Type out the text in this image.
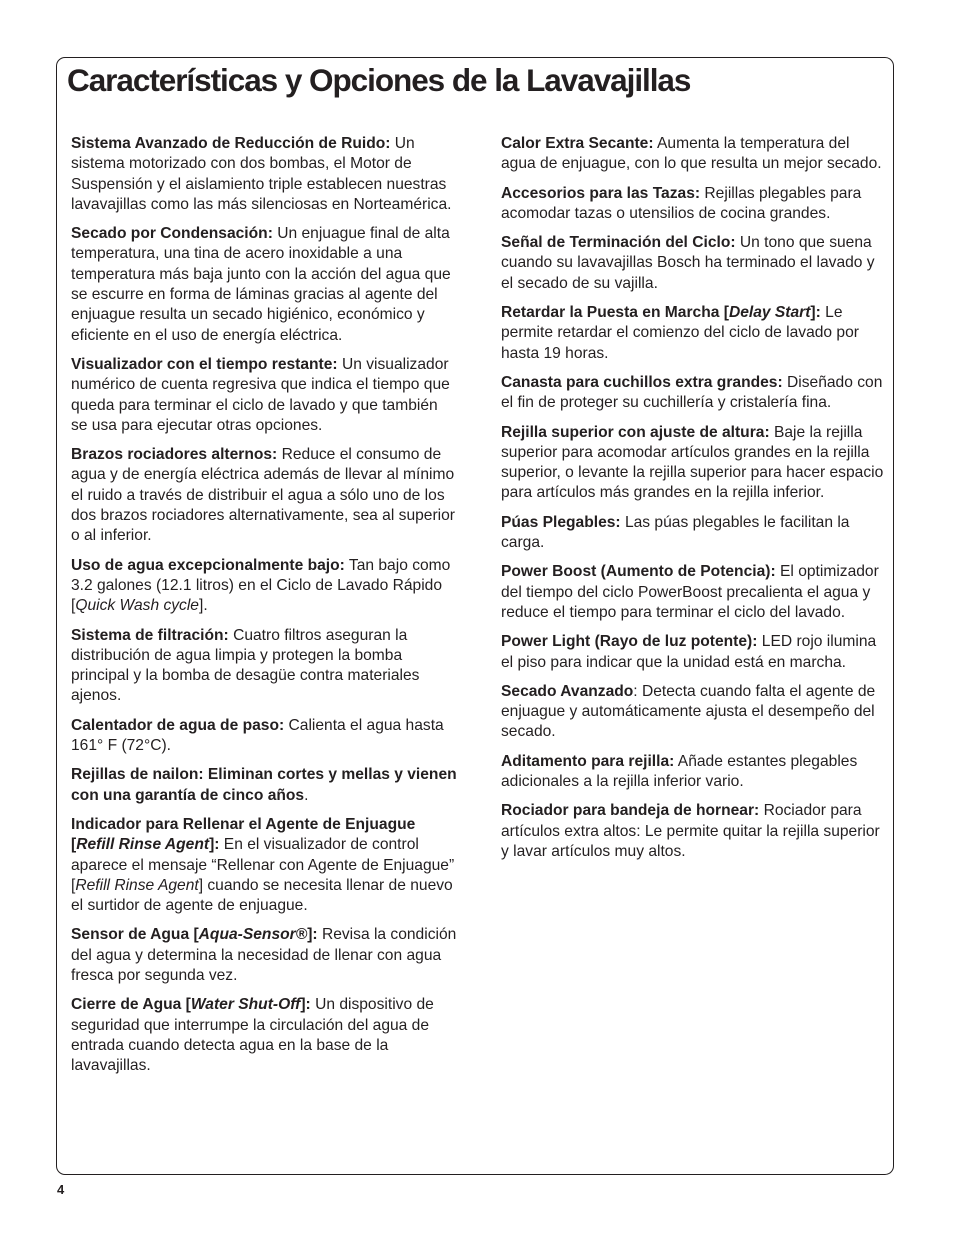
Características y Opciones de la Lavavajillas

Sistema Avanzado de Reducción de Ruido: Un sistema motorizado con dos bombas, el Motor de Suspensión y el aislamiento triple establecen nuestras lavavajillas como las más silenciosas en Norteamérica.

Secado por Condensación: Un enjuague final de alta temperatura, una tina de acero inoxidable a una temperatura más baja junto con la acción del agua que se escurre en forma de láminas gracias al agente del enjuague resulta un secado higiénico, económico y eficiente en el uso de energía eléctrica.

Visualizador con el tiempo restante: Un visualizador numérico de cuenta regresiva que indica el tiempo que queda para terminar el ciclo de lavado y que también se usa para ejecutar otras opciones.

Brazos rociadores alternos: Reduce el consumo de agua y de energía eléctrica además de llevar al mínimo el ruido a través de distribuir el agua a sólo uno de los dos brazos rociadores alternativamente, sea al superior o al inferior.

Uso de agua excepcionalmente bajo: Tan bajo como 3.2 galones (12.1 litros) en el Ciclo de Lavado Rápido [Quick Wash cycle].

Sistema de filtración: Cuatro filtros aseguran la distribución de agua limpia y protegen la bomba principal y la bomba de desagüe contra materiales ajenos.

Calentador de agua de paso: Calienta el agua hasta 161° F (72°C).

Rejillas de nailon: Eliminan cortes y mellas y vienen con una garantía de cinco años.

Indicador para Rellenar el Agente de Enjuague [Refill Rinse Agent]: En el visualizador de control aparece el mensaje “Rellenar con Agente de Enjuague” [Refill Rinse Agent] cuando se necesita llenar de nuevo el surtidor de agente de enjuague.

Sensor de Agua [Aqua-Sensor®]: Revisa la condición del agua y determina la necesidad de llenar con agua fresca por segunda vez.

Cierre de Agua [Water Shut-Off]: Un dispositivo de seguridad que interrumpe la circulación del agua de entrada cuando detecta agua en la base de la lavavajillas.

Calor Extra Secante: Aumenta la temperatura del agua de enjuague, con lo que resulta un mejor secado.

Accesorios para las Tazas: Rejillas plegables para acomodar tazas o utensilios de cocina grandes.

Señal de Terminación del Ciclo: Un tono que suena cuando su lavavajillas Bosch ha terminado el lavado y el secado de su vajilla.

Retardar la Puesta en Marcha [Delay Start]: Le permite retardar el comienzo del ciclo de lavado por hasta 19 horas.

Canasta para cuchillos extra grandes: Diseñado con el fin de proteger su cuchillería y cristalería fina.

Rejilla superior con ajuste de altura: Baje la rejilla superior para acomodar artículos grandes en la rejilla superior, o levante la rejilla superior para hacer espacio para artículos más grandes en la rejilla inferior.

Púas Plegables: Las púas plegables le facilitan la carga.

Power Boost (Aumento de Potencia): El optimizador del tiempo del ciclo PowerBoost precalienta el agua y reduce el tiempo para terminar el ciclo del lavado.

Power Light (Rayo de luz potente): LED rojo ilumina el piso para indicar que la unidad está en marcha.

Secado Avanzado: Detecta cuando falta el agente de enjuague y automáticamente ajusta el desempeño del secado.

Aditamento para rejilla: Añade estantes plegables adicionales a la rejilla inferior vario.

Rociador para bandeja de hornear: Rociador para artículos extra altos: Le permite quitar la rejilla superior y lavar artículos muy altos.

4
